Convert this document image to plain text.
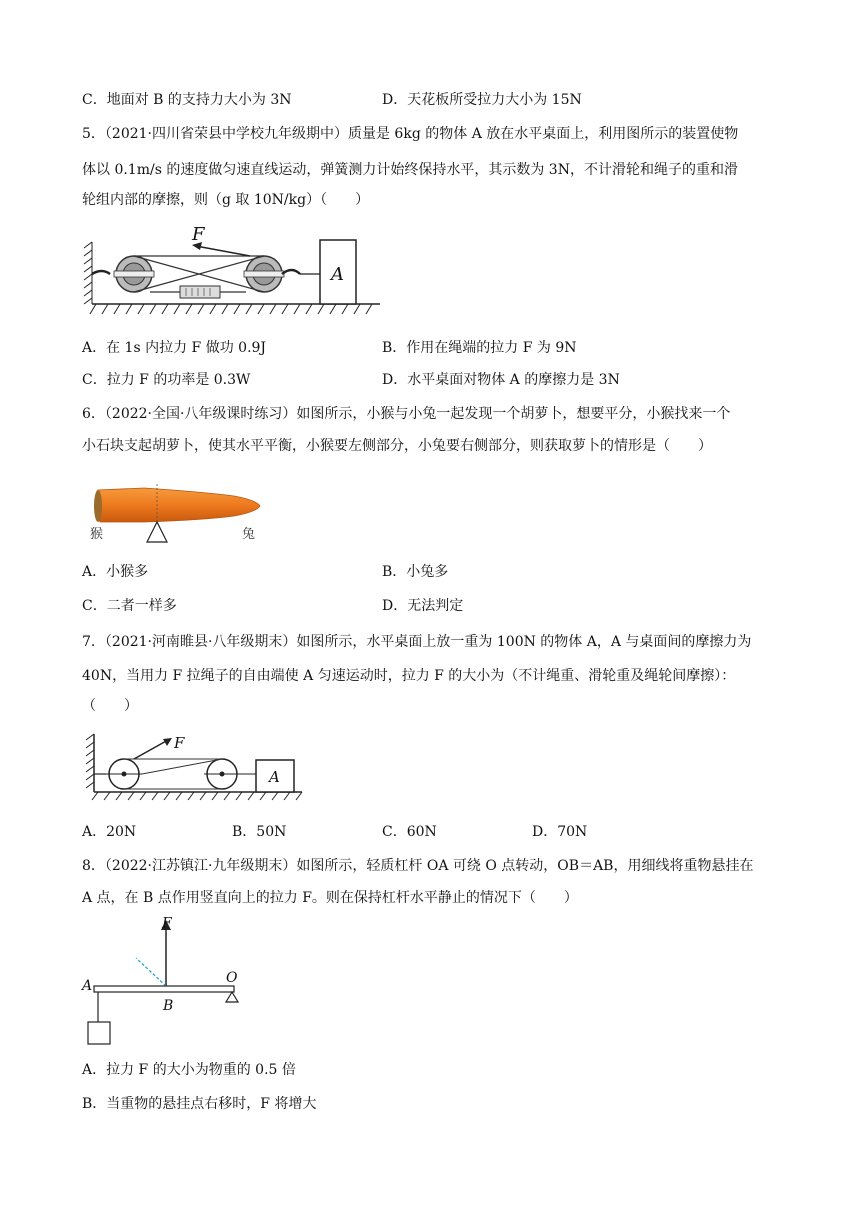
C．地面对 B 的支持力大小为 3N	D．天花板所受拉力大小为 15N
5．（2021·四川省荣县中学校九年级期中）质量是 6kg 的物体 A 放在水平桌面上，利用图所示的装置使物
体以 0.1m/s 的速度做匀速直线运动，弹簧测力计始终保持水平，其示数为 3N，不计滑轮和绳子的重和滑
轮组内部的摩擦，则（g 取 10N/kg）（　　）
F
A
A．在 1s 内拉力 F 做功 0.9J	B．作用在绳端的拉力 F 为 9N
C．拉力 F 的功率是 0.3W	D．水平桌面对物体 A 的摩擦力是 3N
6．（2022·全国·八年级课时练习）如图所示，小猴与小兔一起发现一个胡萝卜，想要平分，小猴找来一个
小石块支起胡萝卜，使其水平平衡，小猴要左侧部分，小兔要右侧部分，则获取萝卜的情形是（　　）
猴	兔
A．小猴多	B．小兔多
C．二者一样多	D．无法判定
7．（2021·河南睢县·八年级期末）如图所示，水平桌面上放一重为 100N 的物体 A，A 与桌面间的摩擦力为
40N，当用力 F 拉绳子的自由端使 A 匀速运动时，拉力 F 的大小为（不计绳重、滑轮重及绳轮间摩擦）：
（　　）
F
A
A．20N	B．50N	C．60N	D．70N
8．（2022·江苏镇江·九年级期末）如图所示，轻质杠杆 OA 可绕 O 点转动，OB＝AB，用细线将重物悬挂在
A 点，在 B 点作用竖直向上的拉力 F。则在保持杠杆水平静止的情况下（　　）
F
O
A
B
A．拉力 F 的大小为物重的 0.5 倍
B．当重物的悬挂点右移时，F 将增大
